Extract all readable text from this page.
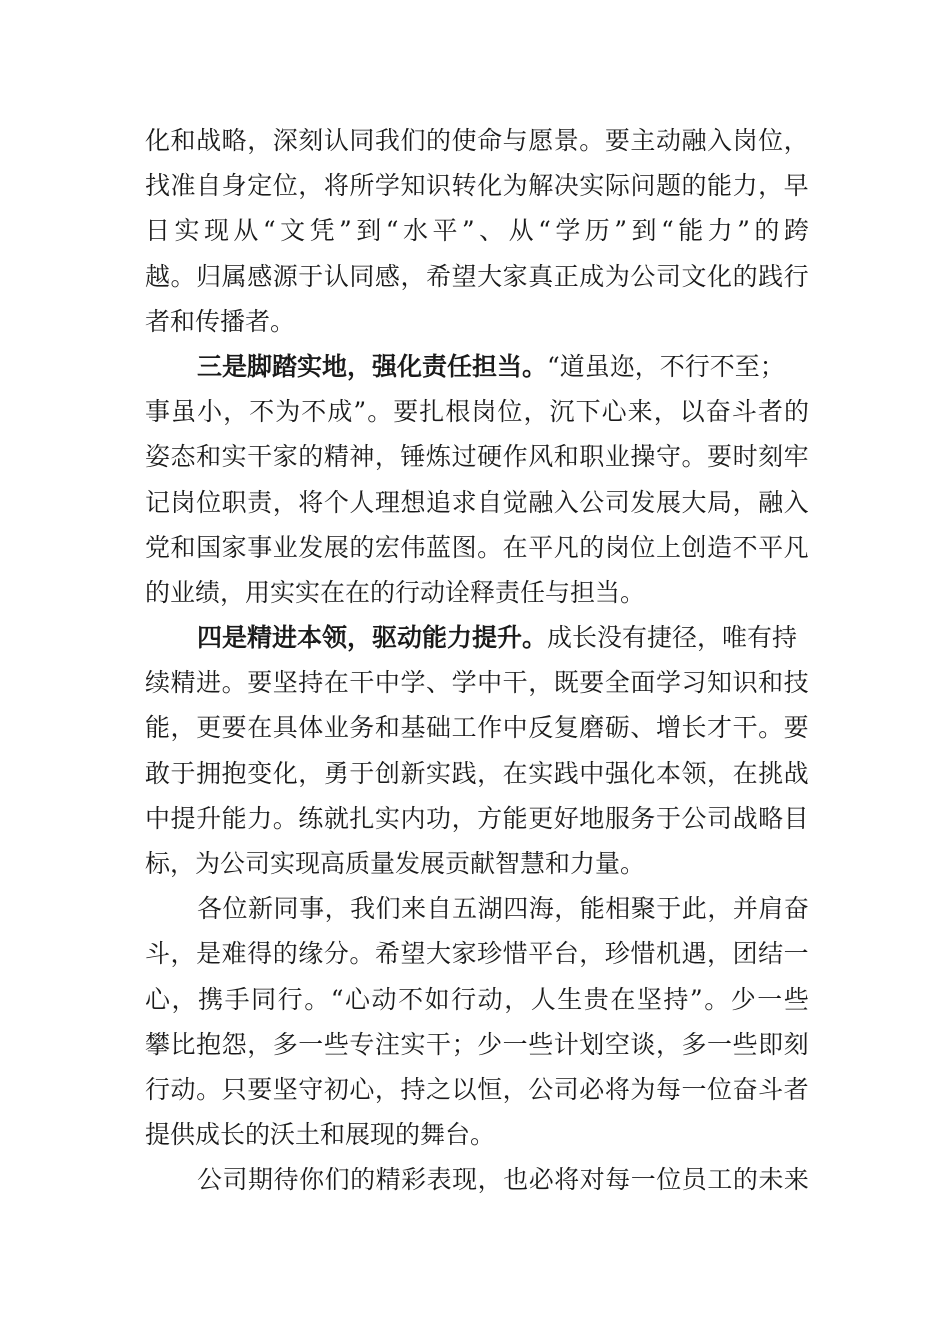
化 和 战 略 ， 深 刻 认 同 我 们 的 使 命 与 愿 景 。 要 主 动 融 入 岗 位 ，
找 准 自 身 定 位 ， 将 所 学 知 识 转 化 为 解 决 实 际 问 题 的 能 力 ， 早
日 实 现 从 “ 文 凭 ” 到 “ 水 平 ” 、 从 “ 学 历 ” 到 “ 能 力 ” 的 跨
越 。 归 属 感 源 于 认 同 感 ， 希 望 大 家 真 正 成 为 公 司 文 化 的 践 行
者和传播者。
三是脚踏实地，强化责任担当。“道虽迩，不行不至；
事 虽 小 ， 不 为 不 成 ” 。 要 扎 根 岗 位 ， 沉 下 心 来 ， 以 奋 斗 者 的
姿 态 和 实 干 家 的 精 神 ， 锤 炼 过 硬 作 风 和 职 业 操 守 。 要 时 刻 牢
记 岗 位 职 责 ， 将 个 人 理 想 追 求 自 觉 融 入 公 司 发 展 大 局 ， 融 入
党 和 国 家 事 业 发 展 的 宏 伟 蓝 图 。 在 平 凡 的 岗 位 上 创 造 不 平 凡
的业绩，用实实在在的行动诠释责任与担当。
四是精进本领，驱动能力提升。成长没有捷径，唯有持
续 精 进 。 要 坚 持 在 干 中 学 、 学 中 干 ， 既 要 全 面 学 习 知 识 和 技
能 ， 更 要 在 具 体 业 务 和 基 础 工 作 中 反 复 磨 砺 、 增 长 才 干 。 要
敢 于 拥 抱 变 化 ， 勇 于 创 新 实 践 ， 在 实 践 中 强 化 本 领 ， 在 挑 战
中 提 升 能 力 。 练 就 扎 实 内 功 ， 方 能 更 好 地 服 务 于 公 司 战 略 目
标，为公司实现高质量发展贡献智慧和力量。
各 位 新 同 事 ， 我 们 来 自 五 湖 四 海 ， 能 相 聚 于 此 ， 并 肩 奋
斗 ， 是 难 得 的 缘 分 。 希 望 大 家 珍 惜 平 台 ， 珍 惜 机 遇 ， 团 结 一
心 ， 携 手 同 行 。 “ 心 动 不 如 行 动 ， 人 生 贵 在 坚 持 ” 。 少 一 些
攀 比 抱 怨 ， 多 一 些 专 注 实 干 ； 少 一 些 计 划 空 谈 ， 多 一 些 即 刻
行 动 。 只 要 坚 守 初 心 ， 持 之 以 恒 ， 公 司 必 将 为 每 一 位 奋 斗 者
提供成长的沃土和展现的舞台。
公 司 期 待 你 们 的 精 彩 表 现 ， 也 必 将 对 每 一 位 员 工 的 未 来
